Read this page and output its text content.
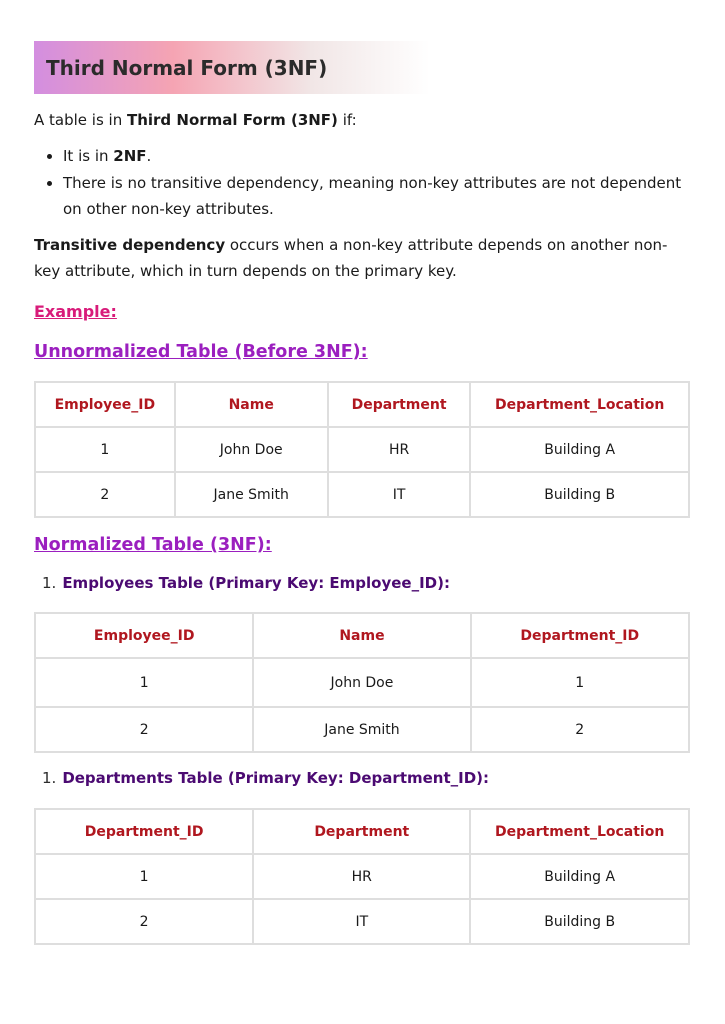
Third Normal Form (3NF)

A table is in Third Normal Form (3NF) if:

• It is in 2NF.
• There is no transitive dependency, meaning non-key attributes are not dependent on other non-key attributes.

Transitive dependency occurs when a non-key attribute depends on another non-key attribute, which in turn depends on the primary key.

Example:
Unnormalized Table (Before 3NF):
Employee_ID	Name	Department	Department_Location
1	John Doe	HR	Building A
2	Jane Smith	IT	Building B
Normalized Table (3NF):
1. Employees Table (Primary Key: Employee_ID):
Employee_ID	Name	Department_ID
1	John Doe	1
2	Jane Smith	2
1. Departments Table (Primary Key: Department_ID):
Department_ID	Department	Department_Location
1	HR	Building A
2	IT	Building B
